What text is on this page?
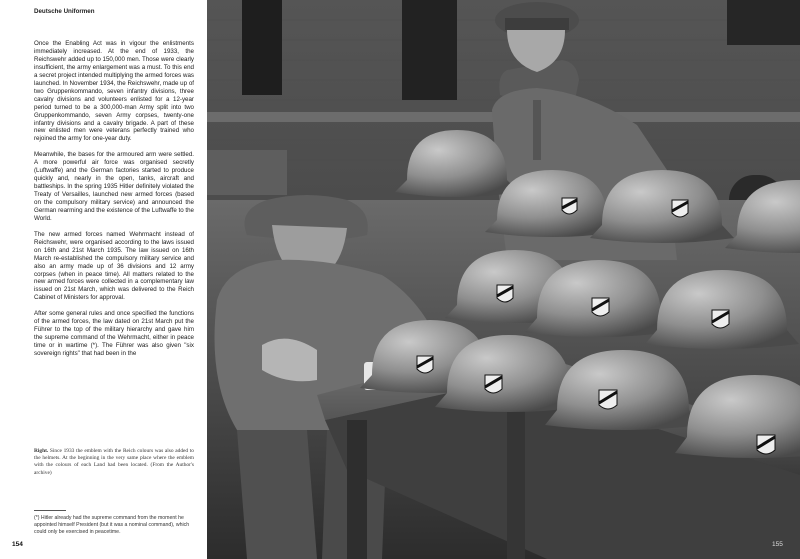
Deutsche Uniformen

Once the Enabling Act was in vigour the enlistments immediately increased. At the end of 1933, the Reichswehr added up to 150,000 men. Those were clearly insufficient, the army enlargement was a must. To this end a secret project intended multiplying the armed forces was launched. In November 1934, the Reichswehr, made up of two Gruppenkommando, seven infantry divisions, three cavalry divisions and volunteers enlisted for a 12-year period turned to be a 300,000-man Army split into two Gruppenkommando, seven Army corpses, twenty-one infantry divisions and a cavalry brigade. A part of these new enlisted men were veterans perfectly trained who rejoined the army for one-year duty.

Meanwhile, the bases for the armoured arm were settled. A more powerful air force was organised secretly (Luftwaffe) and the German factories started to produce quickly and, nearly in the open, tanks, aircraft and battleships. In the spring 1935 Hitler definitely violated the Treaty of Versailles, launched new armed forces (based on the compulsory military service) and announced the German rearming and the existence of the Luftwaffe to the World.

The new armed forces named Wehrmacht instead of Reichswehr, were organised according to the laws issued on 16th and 21st March 1935. The law issued on 16th March re-established the compulsory military service and also an army made up of 36 divisions and 12 army corpses (when in peace time). All matters related to the new armed forces were collected in a complementary law issued on 21st March, which was delivered to the Reich Cabinet of Ministers for approval.

After some general rules and once specified the functions of the armed forces, the law dated on 21st March put the Führer to the top of the military hierarchy and gave him the supreme command of the Wehrmacht, either in peace time or in wartime (*). The Führer was also given "six sovereign rights" that had been in the

Right. Since 1933 the emblem with the Reich colours was also added to the helmets. At the beginning in the very same place where the emblem with the colours of each Land had been located. (From the Author's archive)
(*) Hitler already had the supreme command from the moment he appointed himself President (but it was a nominal command), which could only be exercised in peacetime.
154	155
